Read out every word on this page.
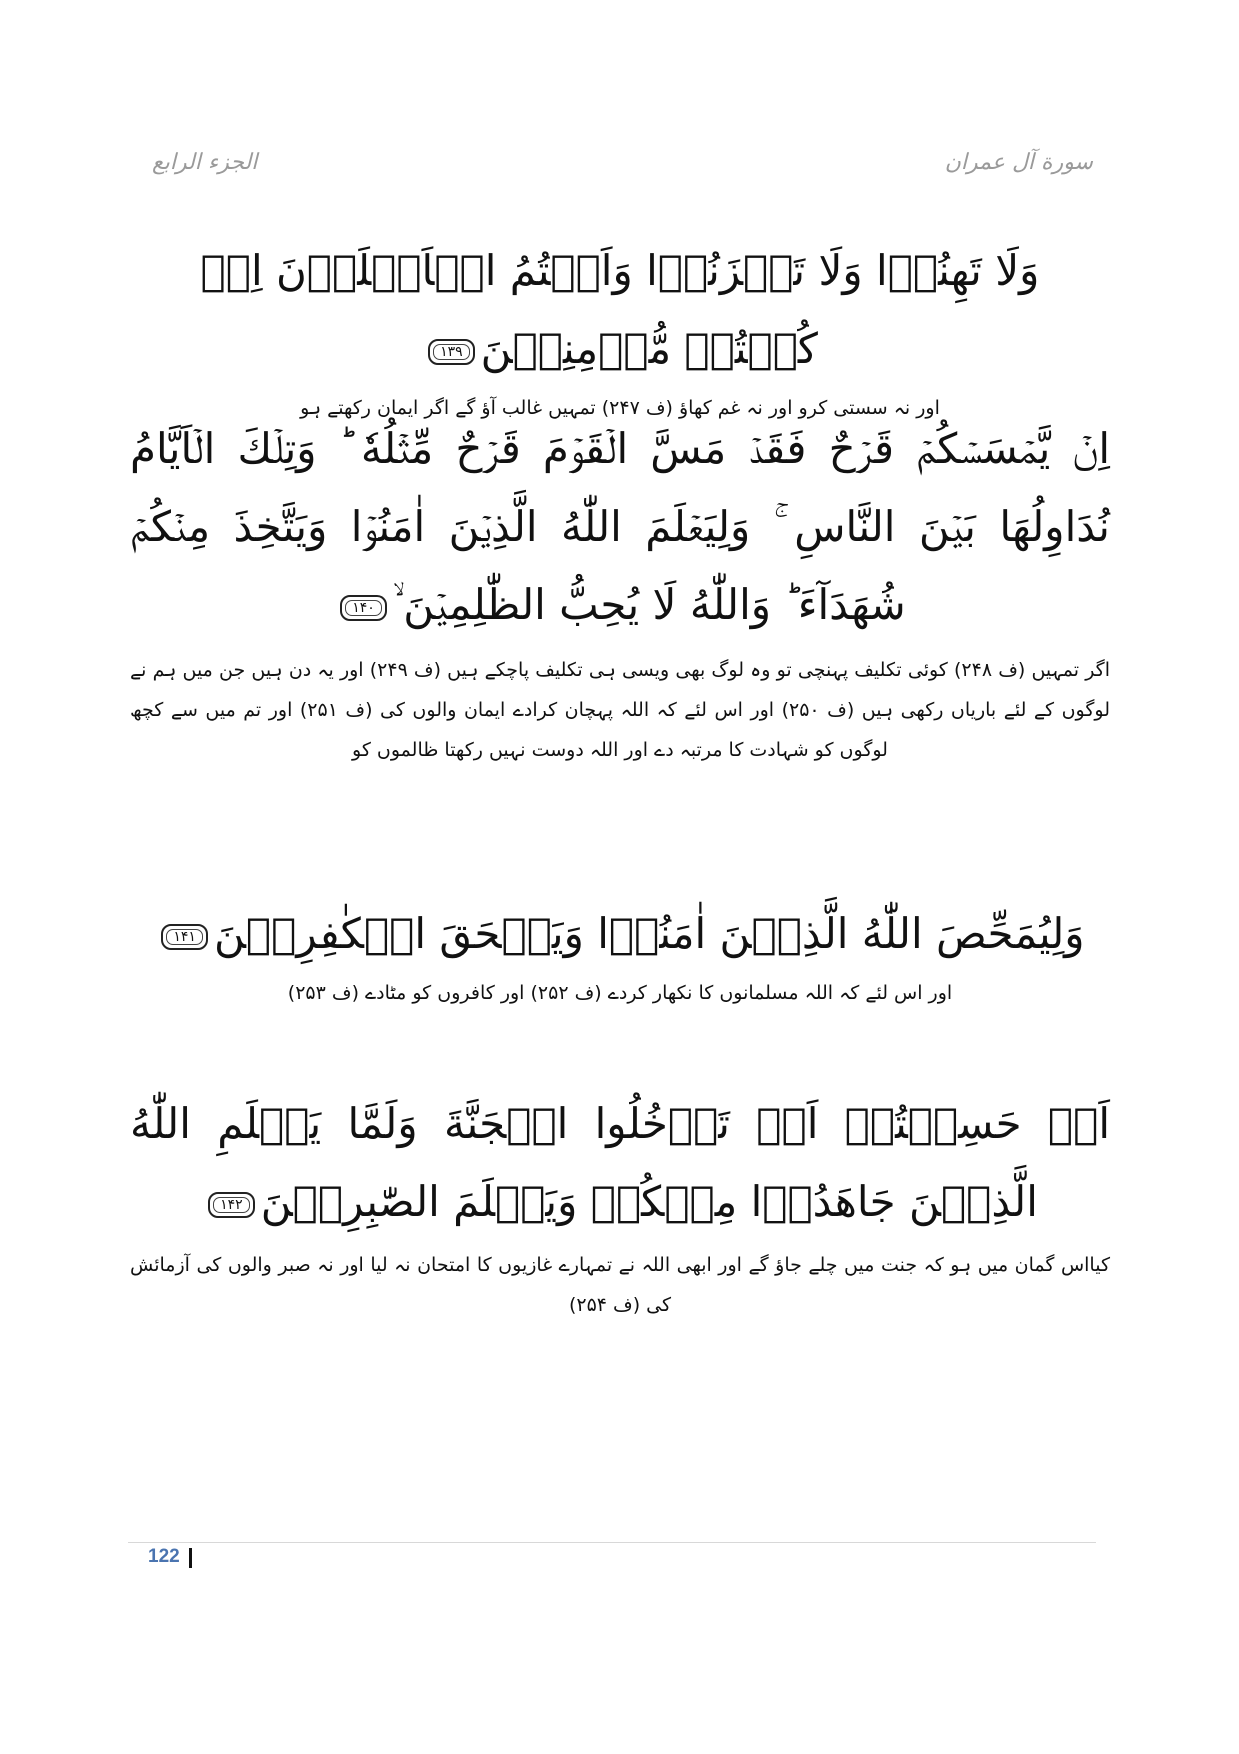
الجزء الرابع	سورة آل عمران
وَلَا تَهِنُوۡا وَلَا تَحۡزَنُوۡا وَاَنۡتُمُ الۡاَعۡلَوۡنَ اِنۡ كُنۡتُمۡ مُّؤۡمِنِيۡنَ۱۳۹
اور نہ سستی کرو اور نہ غم کھاؤ (ف ۲۴۷) تمہیں غالب آؤ گے اگر ایمان رکھتے ہو
اِنۡ يَّمۡسَسۡكُمۡ قَرۡحٌ فَقَدۡ مَسَّ الۡقَوۡمَ قَرۡحٌ مِّثۡلُهٗ ؕ وَتِلۡكَ الۡاَيَّامُ نُدَاوِلُهَا بَيۡنَ النَّاسِ ۚ وَلِيَعۡلَمَ اللّٰهُ الَّذِيۡنَ اٰمَنُوۡا وَيَتَّخِذَ مِنۡكُمۡ شُهَدَآءَ ؕ وَاللّٰهُ لَا يُحِبُّ الظّٰلِمِيۡنَ ۙ۱۴۰
اگر تمہیں (ف ۲۴۸) کوئی تکلیف پہنچی تو وہ لوگ بھی ویسی ہی تکلیف پاچکے ہیں (ف ۲۴۹) اور یہ دن ہیں جن میں ہم نے لوگوں کے لئے باریاں رکھی ہیں (ف ۲۵۰) اور اس لئے کہ اللہ پہچان کرادے ایمان والوں کی (ف ۲۵۱) اور تم میں سے کچھ لوگوں کو شہادت کا مرتبہ دے اور اللہ دوست نہیں رکھتا ظالموں کو
وَلِيُمَحِّصَ اللّٰهُ الَّذِيۡنَ اٰمَنُوۡا وَيَمۡحَقَ الۡكٰفِرِيۡنَ۱۴۱
اور اس لئے کہ اللہ مسلمانوں کا نکھار کردے (ف ۲۵۲) اور کافروں کو مٹادے (ف ۲۵۳)
اَمۡ حَسِبۡتُمۡ اَنۡ تَدۡخُلُوا الۡجَنَّةَ وَلَمَّا يَعۡلَمِ اللّٰهُ الَّذِيۡنَ جَاهَدُوۡا مِنۡكُمۡ وَيَعۡلَمَ الصّٰبِرِيۡنَ۱۴۲
کیااس گمان میں ہو کہ جنت میں چلے جاؤ گے اور ابھی اللہ نے تمہارے غازیوں کا امتحان نہ لیا اور نہ صبر والوں کی آزمائش کی (ف ۲۵۴)
122
